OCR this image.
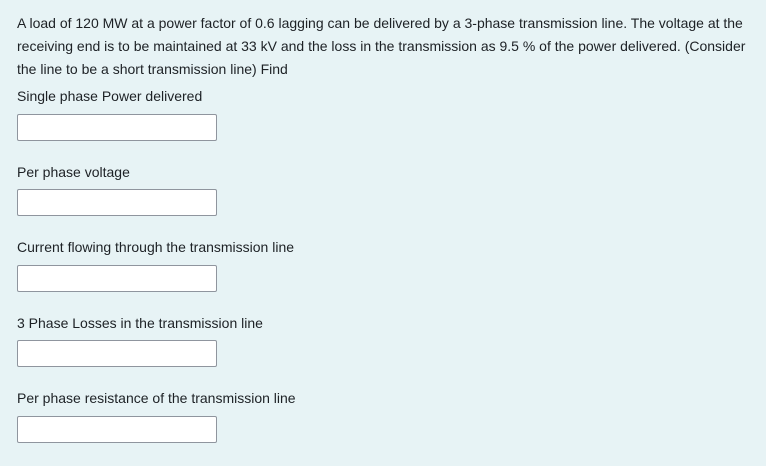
A load of 120 MW at a power factor of 0.6 lagging can be delivered by a 3-phase transmission line. The voltage at the receiving end is to be maintained at 33 kV and the loss in the transmission as 9.5 % of the power delivered. (Consider the line to be a short transmission line) Find

Single phase Power delivered
Per phase voltage
Current flowing through the transmission line
3 Phase Losses in the transmission line
Per phase resistance of the transmission line
